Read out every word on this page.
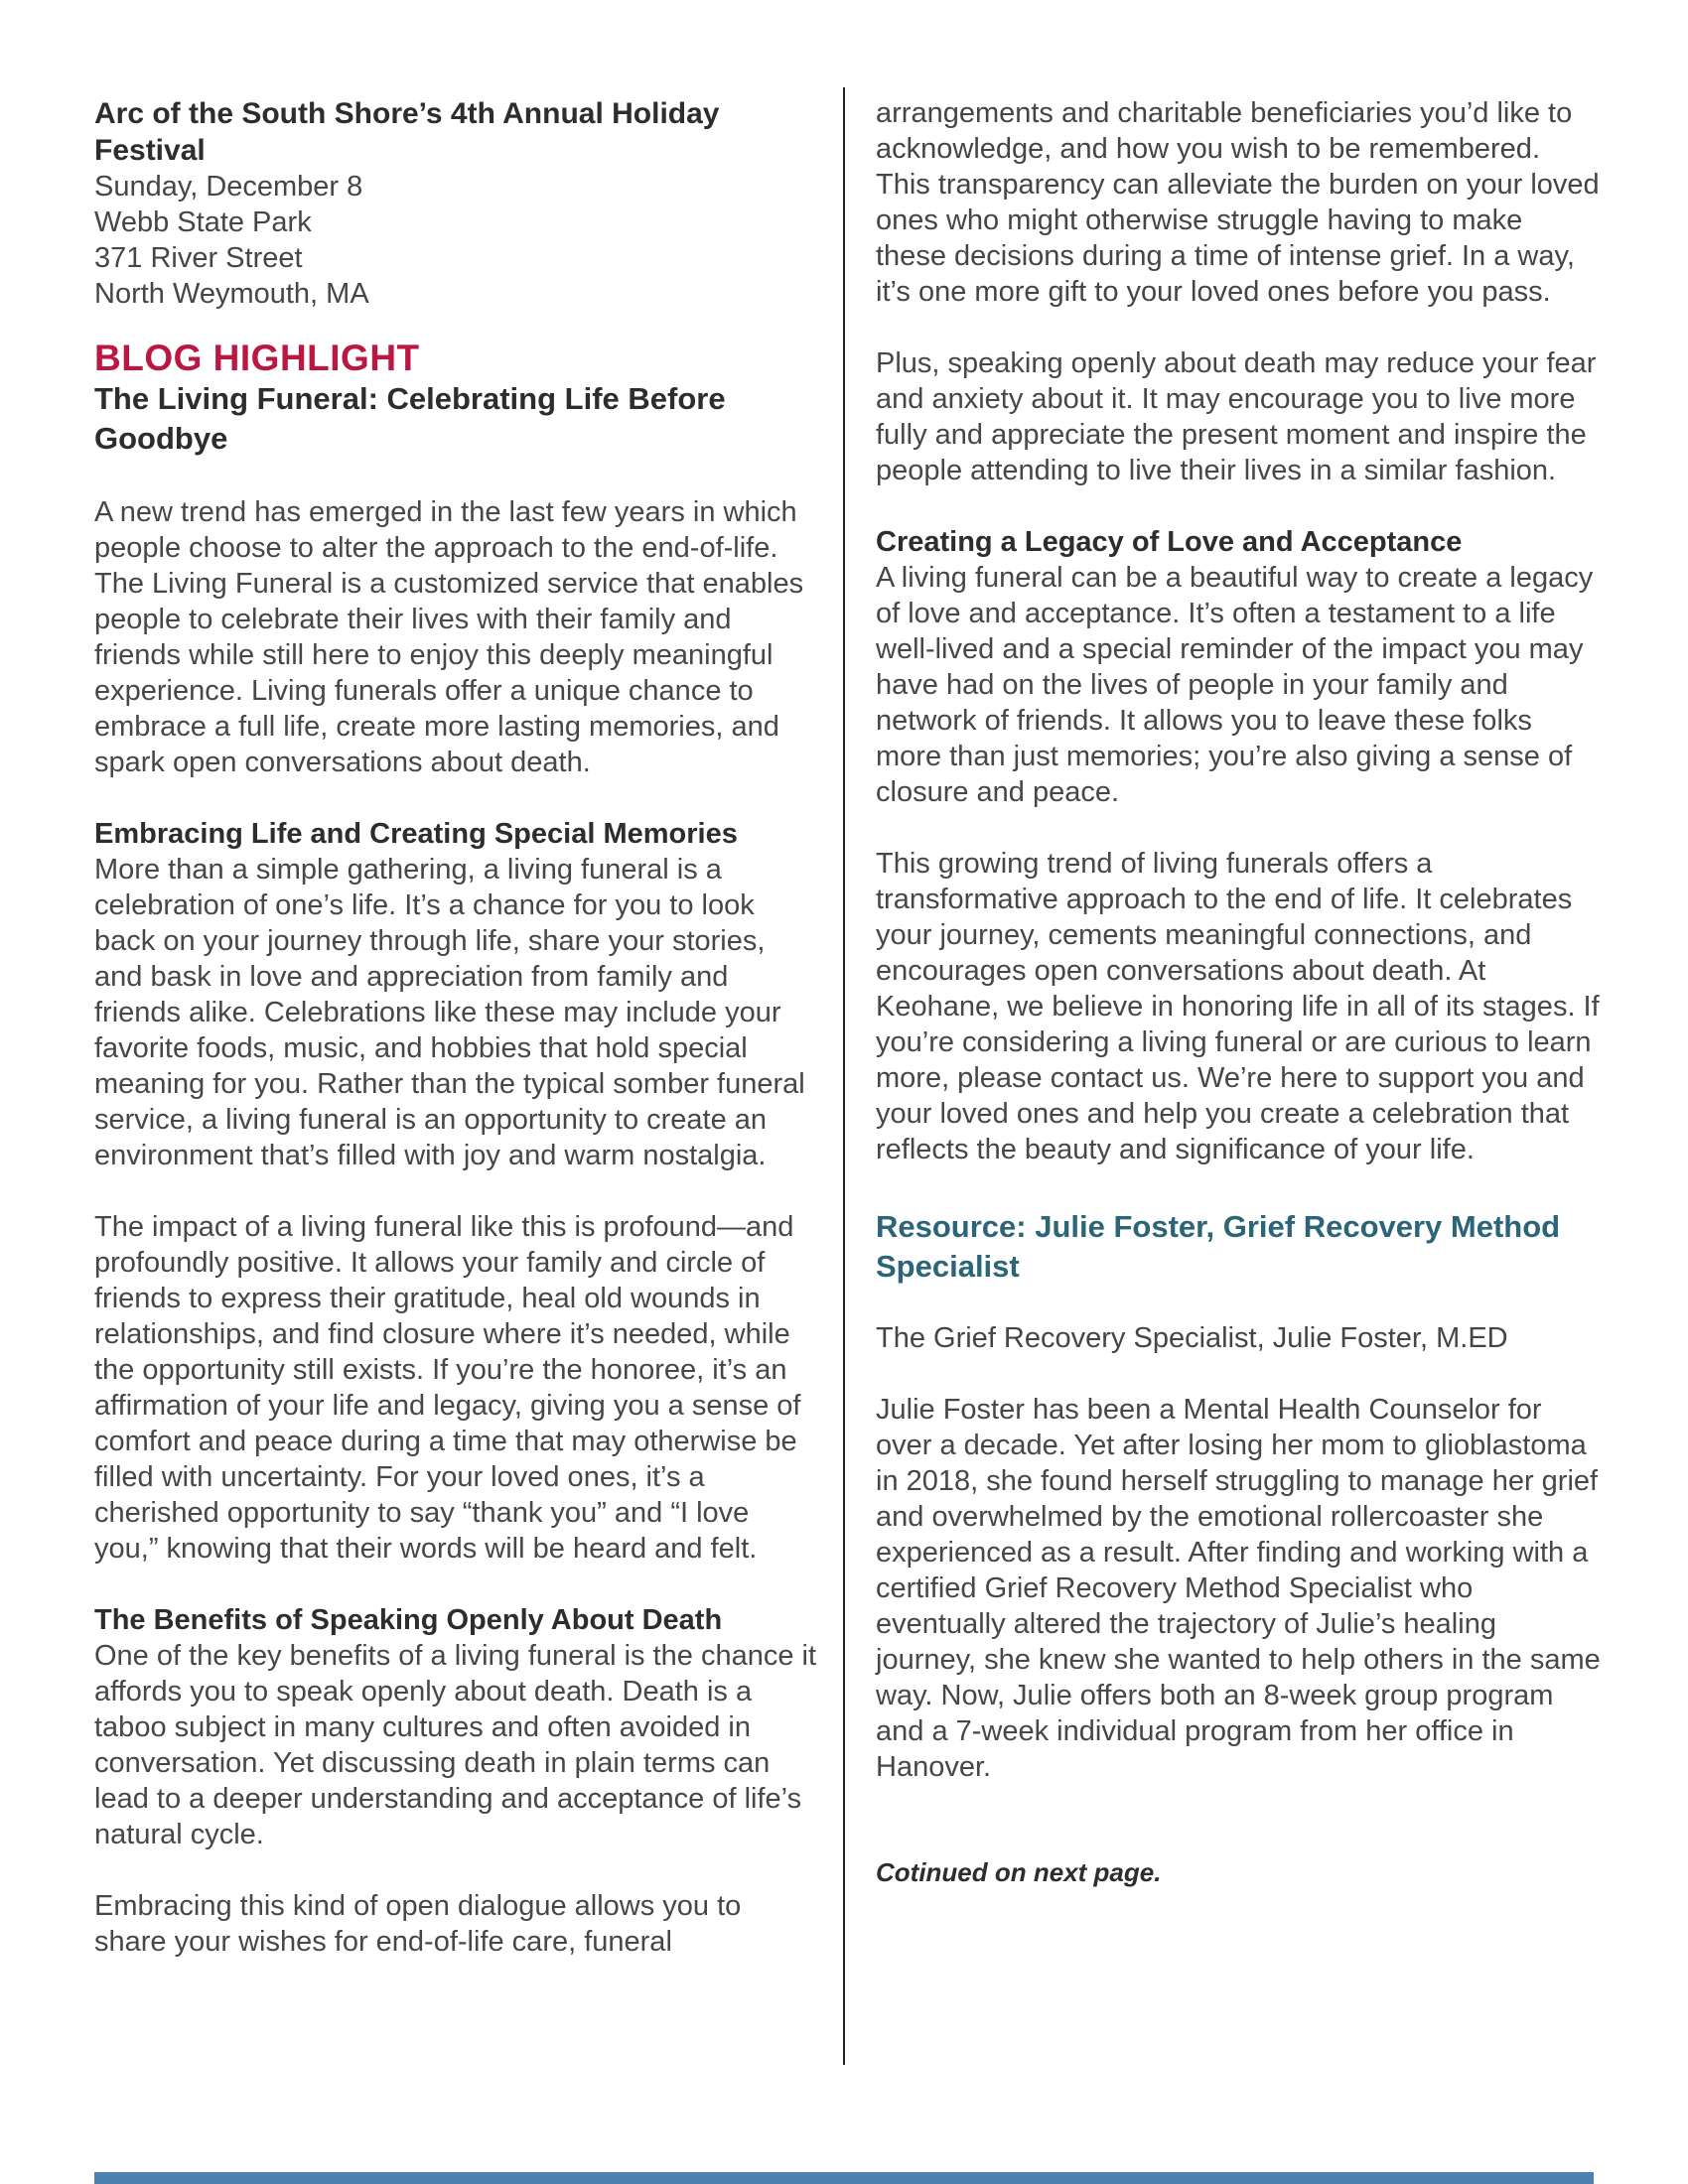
Arc of the South Shore’s 4th Annual Holiday Festival
Sunday, December 8
Webb State Park
371 River Street
North Weymouth, MA
BLOG HIGHLIGHT
The Living Funeral: Celebrating Life Before Goodbye

A new trend has emerged in the last few years in which people choose to alter the approach to the end-of-life. The Living Funeral is a customized service that enables people to celebrate their lives with their family and friends while still here to enjoy this deeply meaningful experience. Living funerals offer a unique chance to embrace a full life, create more lasting memories, and spark open conversations about death.

Embracing Life and Creating Special Memories

More than a simple gathering, a living funeral is a celebration of one’s life. It’s a chance for you to look back on your journey through life, share your stories, and bask in love and appreciation from family and friends alike. Celebrations like these may include your favorite foods, music, and hobbies that hold special meaning for you. Rather than the typical somber funeral service, a living funeral is an opportunity to create an environment that’s filled with joy and warm nostalgia.

The impact of a living funeral like this is profound—and profoundly positive. It allows your family and circle of friends to express their gratitude, heal old wounds in relationships, and find closure where it’s needed, while the opportunity still exists. If you’re the honoree, it’s an affirmation of your life and legacy, giving you a sense of comfort and peace during a time that may otherwise be filled with uncertainty. For your loved ones, it’s a cherished opportunity to say “thank you” and “I love you,” knowing that their words will be heard and felt.

The Benefits of Speaking Openly About Death

One of the key benefits of a living funeral is the chance it affords you to speak openly about death. Death is a taboo subject in many cultures and often avoided in conversation. Yet discussing death in plain terms can lead to a deeper understanding and acceptance of life’s natural cycle.

Embracing this kind of open dialogue allows you to share your wishes for end-of-life care, funeral

arrangements and charitable beneficiaries you’d like to acknowledge, and how you wish to be remembered. This transparency can alleviate the burden on your loved ones who might otherwise struggle having to make these decisions during a time of intense grief. In a way, it’s one more gift to your loved ones before you pass.

Plus, speaking openly about death may reduce your fear and anxiety about it. It may encourage you to live more fully and appreciate the present moment and inspire the people attending to live their lives in a similar fashion.

Creating a Legacy of Love and Acceptance

A living funeral can be a beautiful way to create a legacy of love and acceptance. It’s often a testament to a life well-lived and a special reminder of the impact you may have had on the lives of people in your family and network of friends. It allows you to leave these folks more than just memories; you’re also giving a sense of closure and peace.

This growing trend of living funerals offers a transformative approach to the end of life. It celebrates your journey, cements meaningful connections, and encourages open conversations about death. At Keohane, we believe in honoring life in all of its stages. If you’re considering a living funeral or are curious to learn more, please contact us. We’re here to support you and your loved ones and help you create a celebration that reflects the beauty and significance of your life.

Resource: Julie Foster, Grief Recovery Method Specialist

The Grief Recovery Specialist, Julie Foster, M.ED

Julie Foster has been a Mental Health Counselor for over a decade. Yet after losing her mom to glioblastoma in 2018, she found herself struggling to manage her grief and overwhelmed by the emotional rollercoaster she experienced as a result. After finding and working with a certified Grief Recovery Method Specialist who eventually altered the trajectory of Julie’s healing journey, she knew she wanted to help others in the same way. Now, Julie offers both an 8-week group program and a 7-week individual program from her office in Hanover.

Cotinued on next page.
